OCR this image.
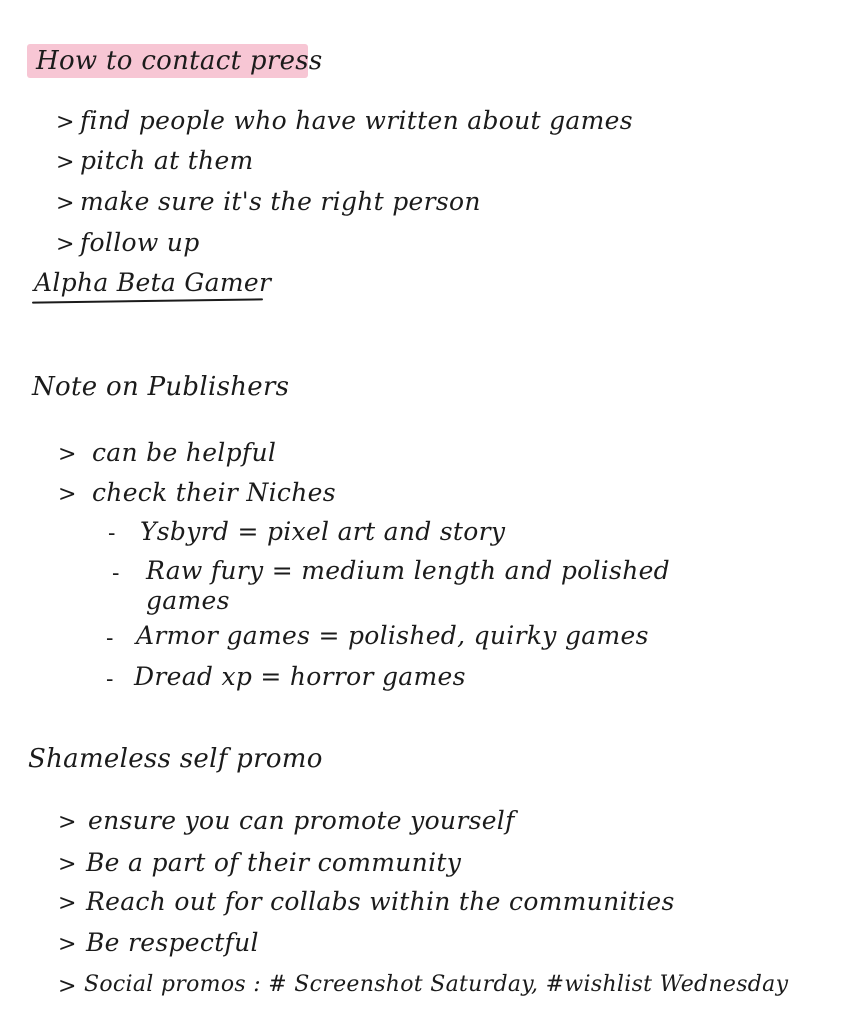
How to contact press
> find people who have written about games
> pitch at them
> make sure it's the right person
> follow up
Alpha Beta Gamer
Note on Publishers
> can be helpful
> check their Niches
- Ysbyrd = pixel art and story
- Raw fury = medium length and polished
games
- Armor games = polished, quirky games
- Dread xp = horror games
Shameless self promo
> ensure you can promote yourself
> Be a part of their community
> Reach out for collabs within the communities
> Be respectful
> Social promos : # Screenshot Saturday, #wishlist Wednesday
